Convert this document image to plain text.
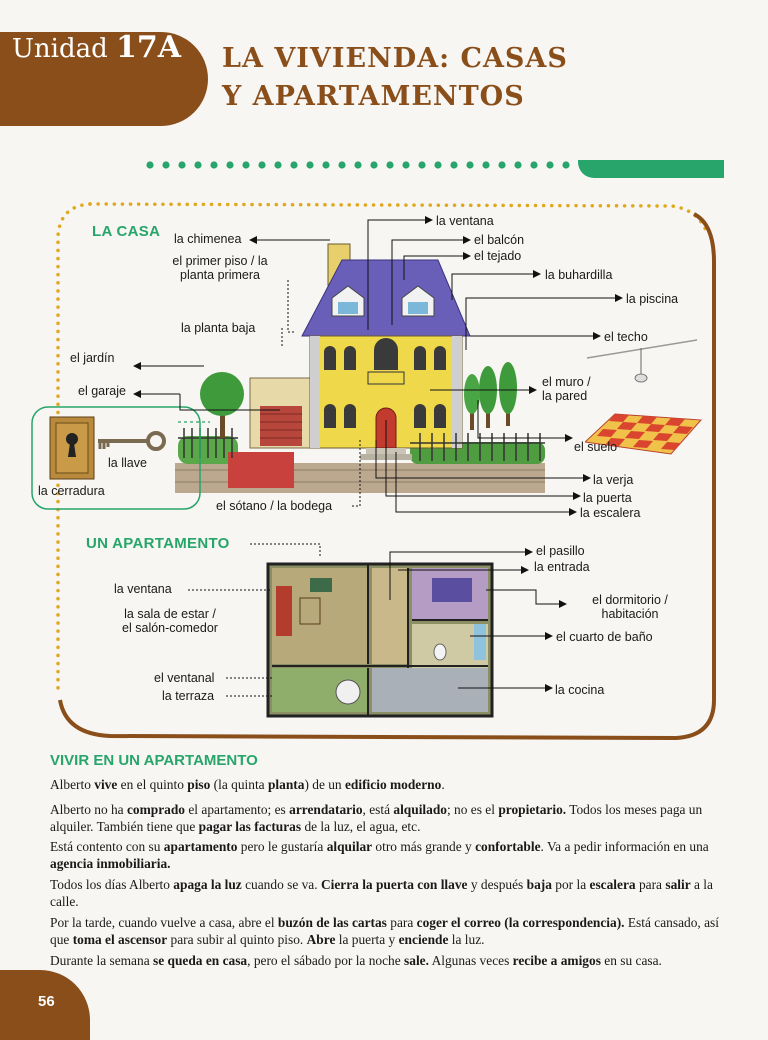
Unidad 17A LA VIVIENDA: CASAS
Y APARTAMENTOS
LA CASA
UN APARTAMENTO
la ventana
el balcón
el tejado
la buhardilla
la chimenea
el primer piso / la
planta primera
la piscina
la planta baja
el techo
el jardín
el muro /
la pared
el garaje
el suelo
la llave
la cerradura
la verja
la puerta
la escalera
el sótano / la bodega
el pasillo
la entrada
la ventana
el dormitorio /
habitación
la sala de estar /
el salón-comedor
el cuarto de baño
el ventanal
la terraza	la cocina
VIVIR EN UN APARTAMENTO
Alberto vive en el quinto piso (la quinta planta) de un edificio moderno.
Alberto no ha comprado el apartamento; es arrendatario, está alquilado; no es el propietario. Todos los meses paga un alquiler. También tiene que pagar las facturas de la luz, el agua, etc.
Está contento con su apartamento pero le gustaría alquilar otro más grande y confortable. Va a pedir información en una agencia inmobiliaria.
Todos los días Alberto apaga la luz cuando se va. Cierra la puerta con llave y después baja por la escalera para salir a la calle.
Por la tarde, cuando vuelve a casa, abre el buzón de las cartas para coger el correo (la correspondencia). Está cansado, así que toma el ascensor para subir al quinto piso. Abre la puerta y enciende la luz.
Durante la semana se queda en casa, pero el sábado por la noche sale. Algunas veces recibe a amigos en su casa.
56
